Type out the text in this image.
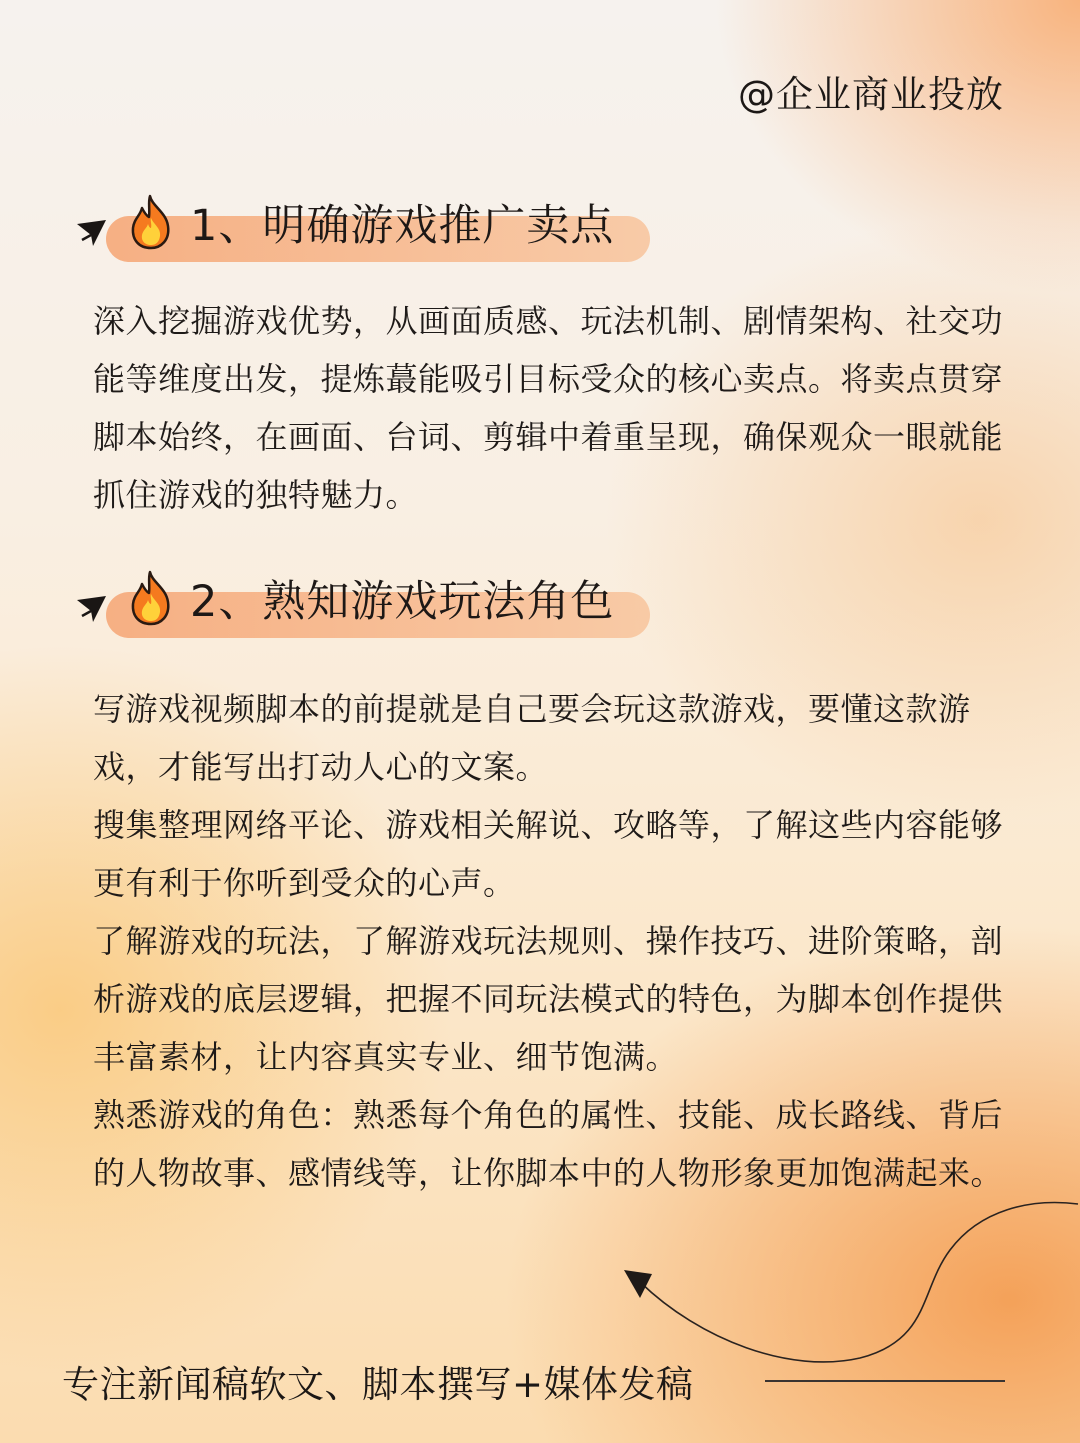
@企业商业投放
1、明确游戏推广卖点

深入挖掘游戏优势，从画面质感、玩法机制、剧情架构、社交功能等维度出发，提炼蕞能吸引目标受众的核心卖点。将卖点贯穿脚本始终，在画面、台词、剪辑中着重呈现，确保观众一眼就能抓住游戏的独特魅力。

2、熟知游戏玩法角色

写游戏视频脚本的前提就是自己要会玩这款游戏，要懂这款游戏，才能写出打动人心的文案。

搜集整理网络平论、游戏相关解说、攻略等，了解这些内容能够更有利于你听到受众的心声。

了解游戏的玩法，了解游戏玩法规则、操作技巧、进阶策略，剖析游戏的底层逻辑，把握不同玩法模式的特色，为脚本创作提供丰富素材，让内容真实专业、细节饱满。

熟悉游戏的角色：熟悉每个角色的属性、技能、成长路线、背后的人物故事、感情线等，让你脚本中的人物形象更加饱满起来。

专注新闻稿软文、脚本撰写+媒体发稿
